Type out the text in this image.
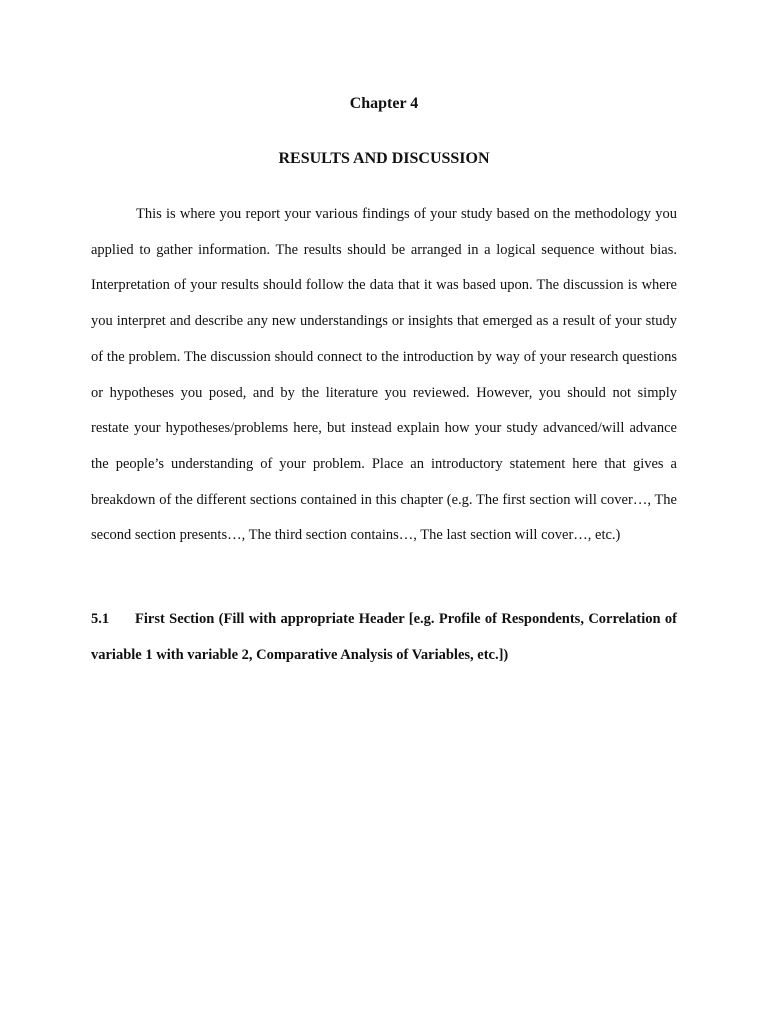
Chapter 4
RESULTS AND DISCUSSION

This is where you report your various findings of your study based on the methodology you applied to gather information. The results should be arranged in a logical sequence without bias. Interpretation of your results should follow the data that it was based upon. The discussion is where you interpret and describe any new understandings or insights that emerged as a result of your study of the problem. The discussion should connect to the introduction by way of your research questions or hypotheses you posed, and by the literature you reviewed. However, you should not simply restate your hypotheses/problems here, but instead explain how your study advanced/will advance the people’s understanding of your problem. Place an introductory statement here that gives a breakdown of the different sections contained in this chapter (e.g. The first section will cover…, The second section presents…, The third section contains…, The last section will cover…, etc.)

5.1 First Section (Fill with appropriate Header [e.g. Profile of Respondents, Correlation of variable 1 with variable 2, Comparative Analysis of Variables, etc.])
